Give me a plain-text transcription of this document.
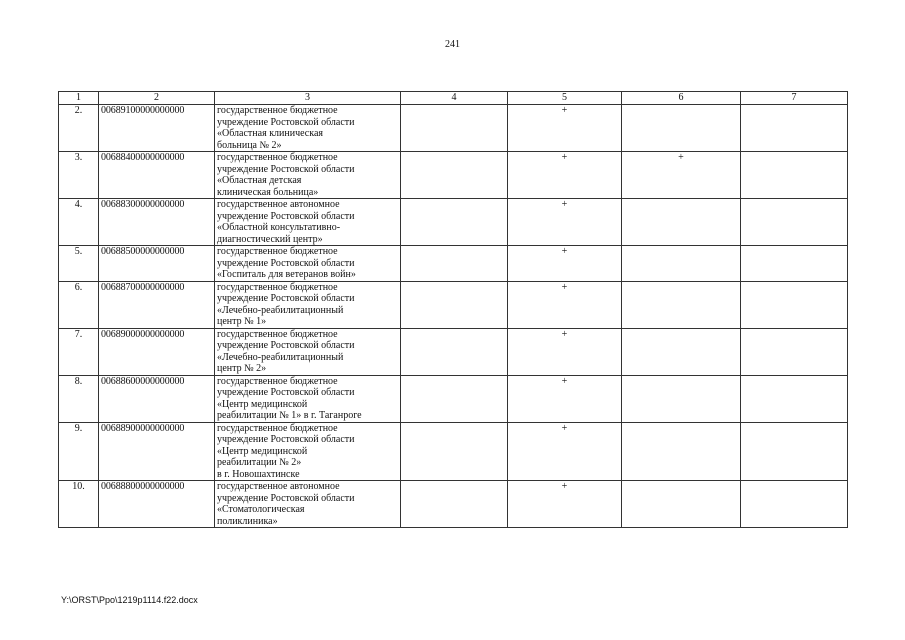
241
1	2	3	4	5	6	7
2.	00689100000000000	государственное бюджетное
учреждение Ростовской области
«Областная клиническая
больница № 2»		+		
3.	00688400000000000	государственное бюджетное
учреждение Ростовской области
«Областная детская
клиническая больница»		+	+	
4.	00688300000000000	государственное автономное
учреждение Ростовской области
«Областной консультативно-
диагностический центр»		+		
5.	00688500000000000	государственное бюджетное
учреждение Ростовской области
«Госпиталь для ветеранов войн»		+		
6.	00688700000000000	государственное бюджетное
учреждение Ростовской области
«Лечебно-реабилитационный
центр № 1»		+		
7.	00689000000000000	государственное бюджетное
учреждение Ростовской области
«Лечебно-реабилитационный
центр № 2»		+		
8.	00688600000000000	государственное бюджетное
учреждение Ростовской области
«Центр медицинской
реабилитации № 1» в г. Таганроге		+		
9.	00688900000000000	государственное бюджетное
учреждение Ростовской области
«Центр медицинской
реабилитации № 2»
в г. Новошахтинске		+		
10.	00688800000000000	государственное автономное
учреждение Ростовской области
«Стоматологическая
поликлиника»		+		
Y:\ORST\Ppo\1219p1114.f22.docx
